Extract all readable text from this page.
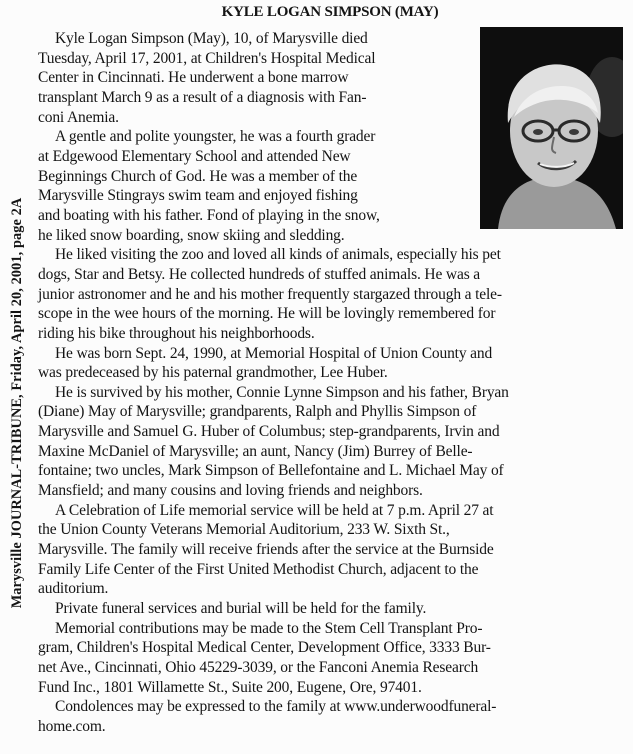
Marysville JOURNAL-TRIBUNE, Friday, April 20, 2001, page 2A
KYLE LOGAN SIMPSON (MAY)
Kyle Logan Simpson (May), 10, of Marysville died
Tuesday, April 17, 2001, at Children's Hospital Medical
Center in Cincinnati. He underwent a bone marrow
transplant March 9 as a result of a diagnosis with Fan-
coni Anemia.
A gentle and polite youngster, he was a fourth grader
at Edgewood Elementary School and attended New
Beginnings Church of God. He was a member of the
Marysville Stingrays swim team and enjoyed fishing
and boating with his father. Fond of playing in the snow,
he liked snow boarding, snow skiing and sledding.
He liked visiting the zoo and loved all kinds of animals, especially his pet
dogs, Star and Betsy. He collected hundreds of stuffed animals. He was a
junior astronomer and he and his mother frequently stargazed through a tele-
scope in the wee hours of the morning. He will be lovingly remembered for
riding his bike throughout his neighborhoods.
He was born Sept. 24, 1990, at Memorial Hospital of Union County and
was predeceased by his paternal grandmother, Lee Huber.
He is survived by his mother, Connie Lynne Simpson and his father, Bryan
(Diane) May of Marysville; grandparents, Ralph and Phyllis Simpson of
Marysville and Samuel G. Huber of Columbus; step-grandparents, Irvin and
Maxine McDaniel of Marysville; an aunt, Nancy (Jim) Burrey of Belle-
fontaine; two uncles, Mark Simpson of Bellefontaine and L. Michael May of
Mansfield; and many cousins and loving friends and neighbors.
A Celebration of Life memorial service will be held at 7 p.m. April 27 at
the Union County Veterans Memorial Auditorium, 233 W. Sixth St.,
Marysville. The family will receive friends after the service at the Burnside
Family Life Center of the First United Methodist Church, adjacent to the
auditorium.
Private funeral services and burial will be held for the family.
Memorial contributions may be made to the Stem Cell Transplant Pro-
gram, Children's Hospital Medical Center, Development Office, 3333 Bur-
net Ave., Cincinnati, Ohio 45229-3039, or the Fanconi Anemia Research
Fund Inc., 1801 Willamette St., Suite 200, Eugene, Ore, 97401.
Condolences may be expressed to the family at www.underwoodfuneral-
home.com.
